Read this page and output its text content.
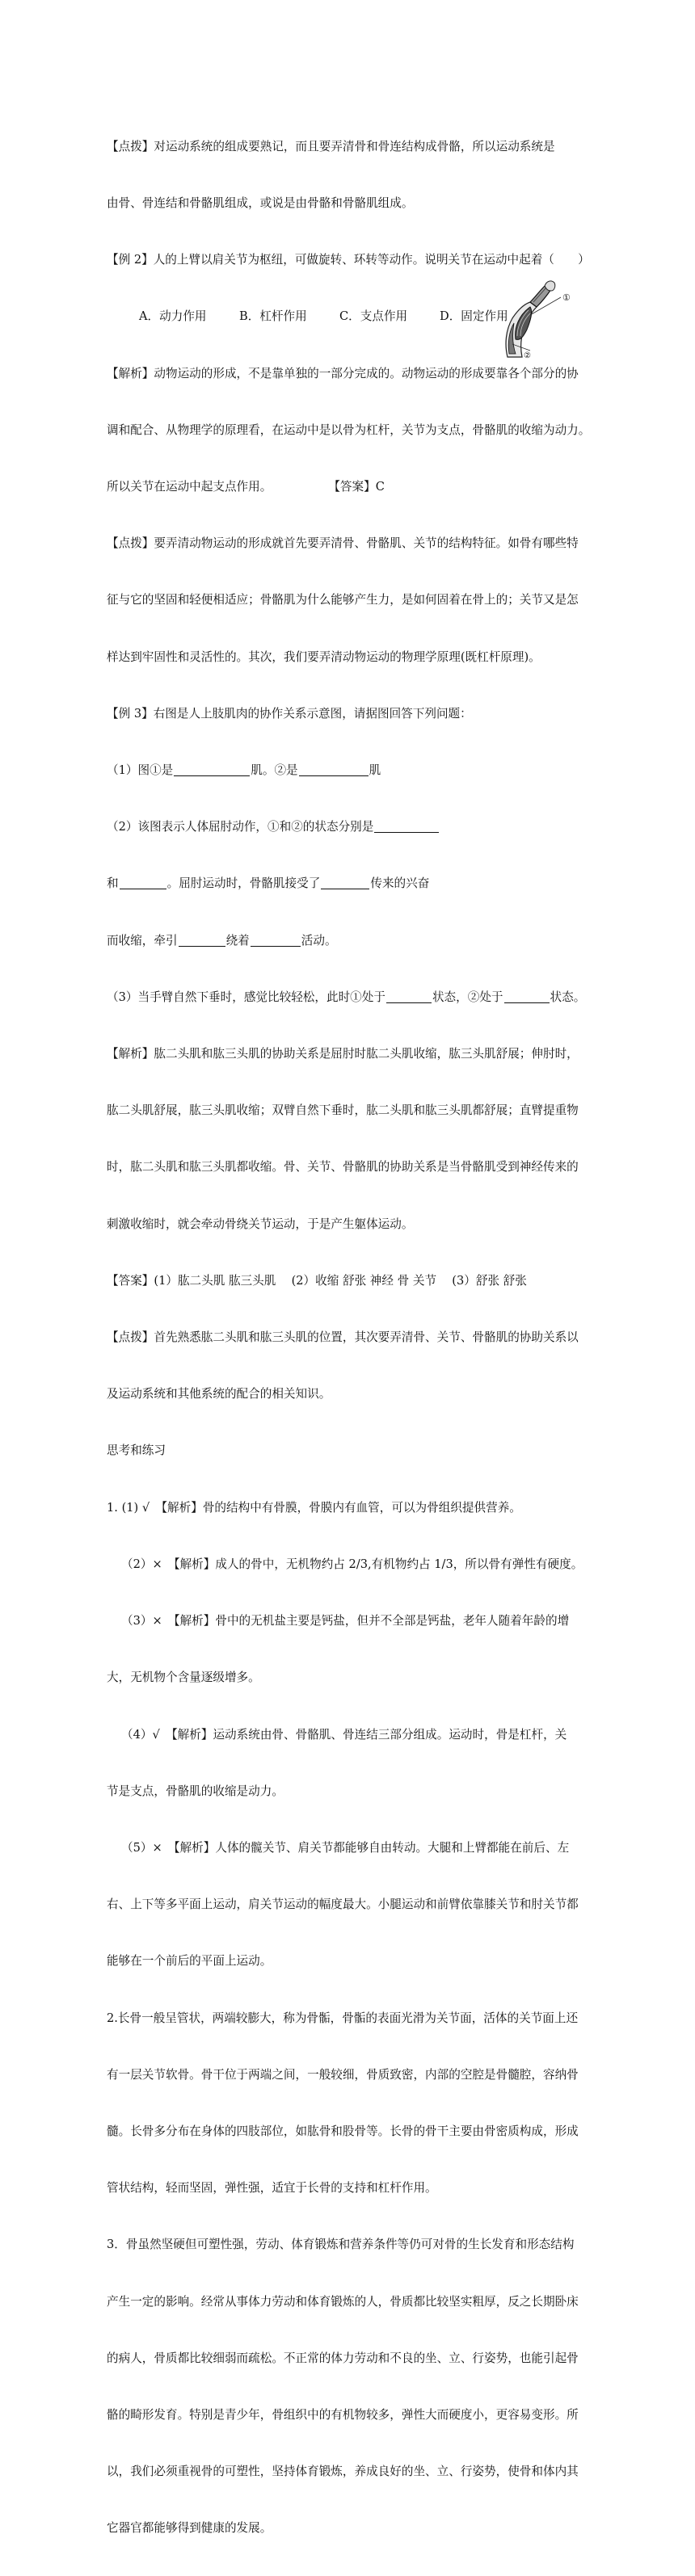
【点拨】对运动系统的组成要熟记，而且要弄清骨和骨连结构成骨骼，所以运动系统是

由骨、骨连结和骨骼肌组成，或说是由骨骼和骨骼肌组成。

【例 2】人的上臂以肩关节为枢纽，可做旋转、环转等动作。说明关节在运动中起着（　　）

A．动力作用	B．杠杆作用	C．支点作用	D．固定作用

【解析】动物运动的形成，不是靠单独的一部分完成的。动物运动的形成要靠各个部分的协

调和配合、从物理学的原理看，在运动中是以骨为杠杆，关节为支点，骨骼肌的收缩为动力。

所以关节在运动中起支点作用。	【答案】C

【点拨】要弄清动物运动的形成就首先要弄清骨、骨骼肌、关节的结构特征。如骨有哪些特

征与它的坚固和轻便相适应；骨骼肌为什么能够产生力，是如何固着在骨上的；关节又是怎

样达到牢固性和灵活性的。其次，我们要弄清动物运动的物理学原理(既杠杆原理)。

【例 3】右图是人上肢肌肉的协作关系示意图，请据图回答下列问题：

（1）图①是	肌。②是	肌

（2）该图表示人体屈肘动作，①和②的状态分别是

和	。屈肘运动时，骨骼肌接受了	传来的兴奋

而收缩，牵引	绕着	活动。

（3）当手臂自然下垂时，感觉比较轻松，此时①处于	状态，②处于	状态。

【解析】肱二头肌和肱三头肌的协助关系是屈肘时肱二头肌收缩，肱三头肌舒展；伸肘时，

肱二头肌舒展，肱三头肌收缩；双臂自然下垂时，肱二头肌和肱三头肌都舒展；直臂提重物

时，肱二头肌和肱三头肌都收缩。骨、关节、骨骼肌的协助关系是当骨骼肌受到神经传来的

刺激收缩时，就会牵动骨绕关节运动，于是产生躯体运动。

【答案】(1）肱二头肌 肱三头肌　 (2）收缩 舒张 神经 骨 关节　 (3）舒张 舒张

【点拨】首先熟悉肱二头肌和肱三头肌的位置，其次要弄清骨、关节、骨骼肌的协助关系以

及运动系统和其他系统的配合的相关知识。

思考和练习

1. (1) √　【解析】骨的结构中有骨膜，骨膜内有血管，可以为骨组织提供营养。

（2）×　【解析】成人的骨中，无机物约占 2/3,有机物约占 1/3，所以骨有弹性有硬度。

（3）×　【解析】骨中的无机盐主要是钙盐，但并不全部是钙盐，老年人随着年龄的增

大，无机物个含量逐级增多。

（4）√　【解析】运动系统由骨、骨骼肌、骨连结三部分组成。运动时，骨是杠杆，关

节是支点，骨骼肌的收缩是动力。

（5）×　【解析】人体的髋关节、肩关节都能够自由转动。大腿和上臂都能在前后、左

右、上下等多平面上运动，肩关节运动的幅度最大。小腿运动和前臂依靠膝关节和肘关节都

能够在一个前后的平面上运动。

2.长骨一般呈管状，两端较膨大，称为骨骺，骨骺的表面光滑为关节面，活体的关节面上还

有一层关节软骨。骨干位于两端之间，一般较细，骨质致密，内部的空腔是骨髓腔，容纳骨

髓。长骨多分布在身体的四肢部位，如肱骨和股骨等。长骨的骨干主要由骨密质构成，形成

管状结构，轻而坚固，弹性强，适宜于长骨的支持和杠杆作用。

3．骨虽然坚硬但可塑性强，劳动、体育锻炼和营养条件等仍可对骨的生长发育和形态结构

产生一定的影响。经常从事体力劳动和体育锻炼的人，骨质都比较坚实粗厚，反之长期卧床

的病人，骨质都比较细弱而疏松。不正常的体力劳动和不良的坐、立、行姿势，也能引起骨

骼的畸形发育。特别是青少年，骨组织中的有机物较多，弹性大而硬度小，更容易变形。所

以，我们必须重视骨的可塑性，坚持体育锻炼，养成良好的坐、立、行姿势，使骨和体内其

它器官都能够得到健康的发展。

①
②
